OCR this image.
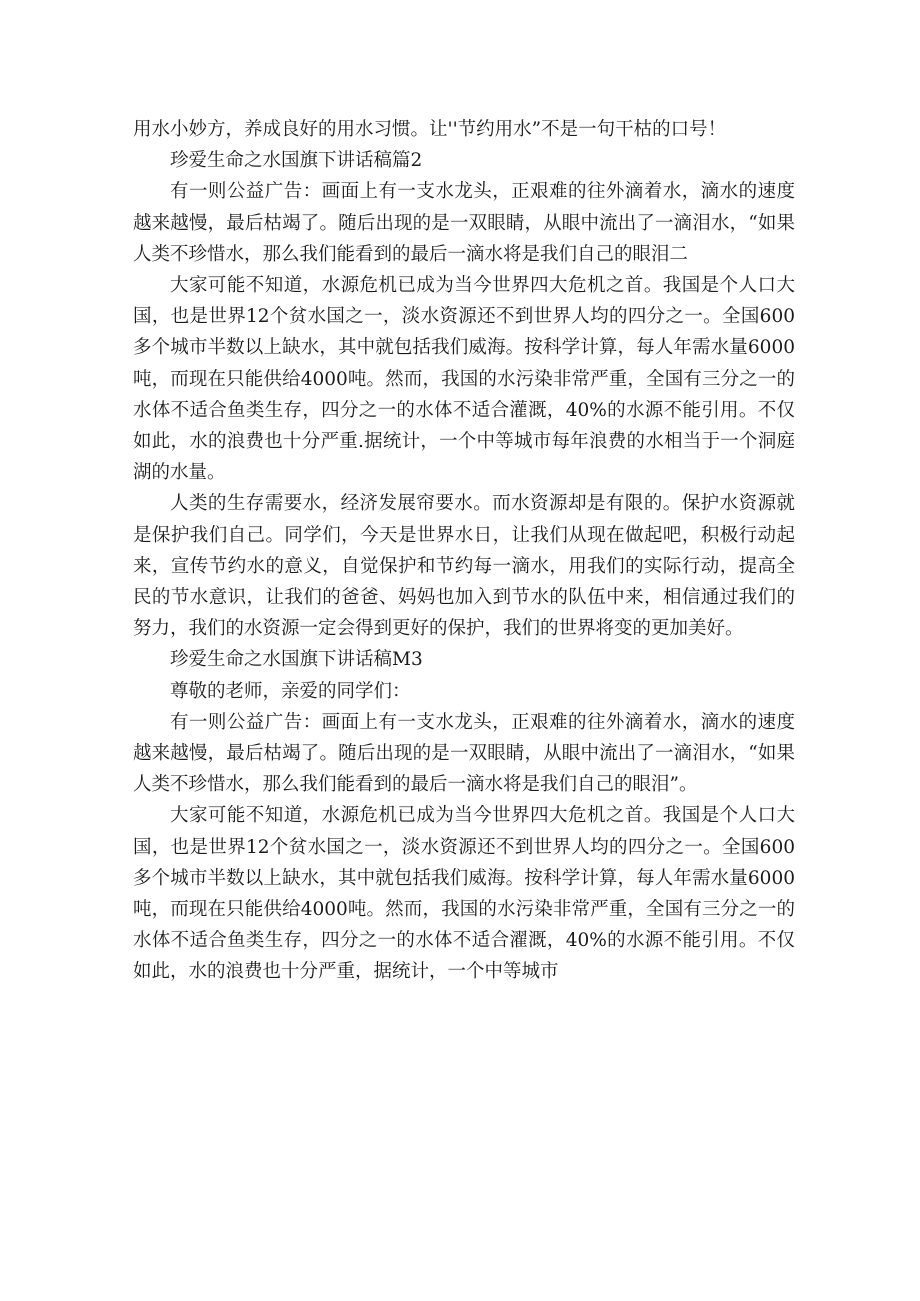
用水小妙方，养成良好的用水习惯。让''节约用水”不是一句干枯的口号！

珍爱生命之水国旗下讲话稿篇2

有一则公益广告：画面上有一支水龙头，正艰难的往外滴着水，滴水的速度越来越慢，最后枯竭了。随后出现的是一双眼睛，从眼中流出了一滴泪水，“如果人类不珍惜水，那么我们能看到的最后一滴水将是我们自己的眼泪二

大家可能不知道，水源危机已成为当今世界四大危机之首。我国是个人口大国，也是世界12个贫水国之一，淡水资源还不到世界人均的四分之一。全国600多个城市半数以上缺水，其中就包括我们威海。按科学计算，每人年需水量6000吨，而现在只能供给4000吨。然而，我国的水污染非常严重，全国有三分之一的水体不适合鱼类生存，四分之一的水体不适合灌溉，40%的水源不能引用。不仅如此，水的浪费也十分严重.据统计，一个中等城市每年浪费的水相当于一个洞庭湖的水量。

人类的生存需要水，经济发展帘要水。而水资源却是有限的。保护水资源就是保护我们自己。同学们，今天是世界水日，让我们从现在做起吧，积极行动起来，宣传节约水的意义，自觉保护和节约每一滴水，用我们的实际行动，提高全民的节水意识，让我们的爸爸、妈妈也加入到节水的队伍中来，相信通过我们的努力，我们的水资源一定会得到更好的保护，我们的世界将变的更加美好。

珍爱生命之水国旗下讲话稿M3

尊敬的老师，亲爱的同学们：

有一则公益广告：画面上有一支水龙头，正艰难的往外滴着水，滴水的速度越来越慢，最后枯竭了。随后出现的是一双眼睛，从眼中流出了一滴泪水，“如果人类不珍惜水，那么我们能看到的最后一滴水将是我们自己的眼泪”。

大家可能不知道，水源危机已成为当今世界四大危机之首。我国是个人口大国，也是世界12个贫水国之一，淡水资源还不到世界人均的四分之一。全国600多个城市半数以上缺水，其中就包括我们威海。按科学计算，每人年需水量6000吨，而现在只能供给4000吨。然而，我国的水污染非常严重，全国有三分之一的水体不适合鱼类生存，四分之一的水体不适合濯溉，40%的水源不能引用。不仅如此，水的浪费也十分严重，据统计，一个中等城市
